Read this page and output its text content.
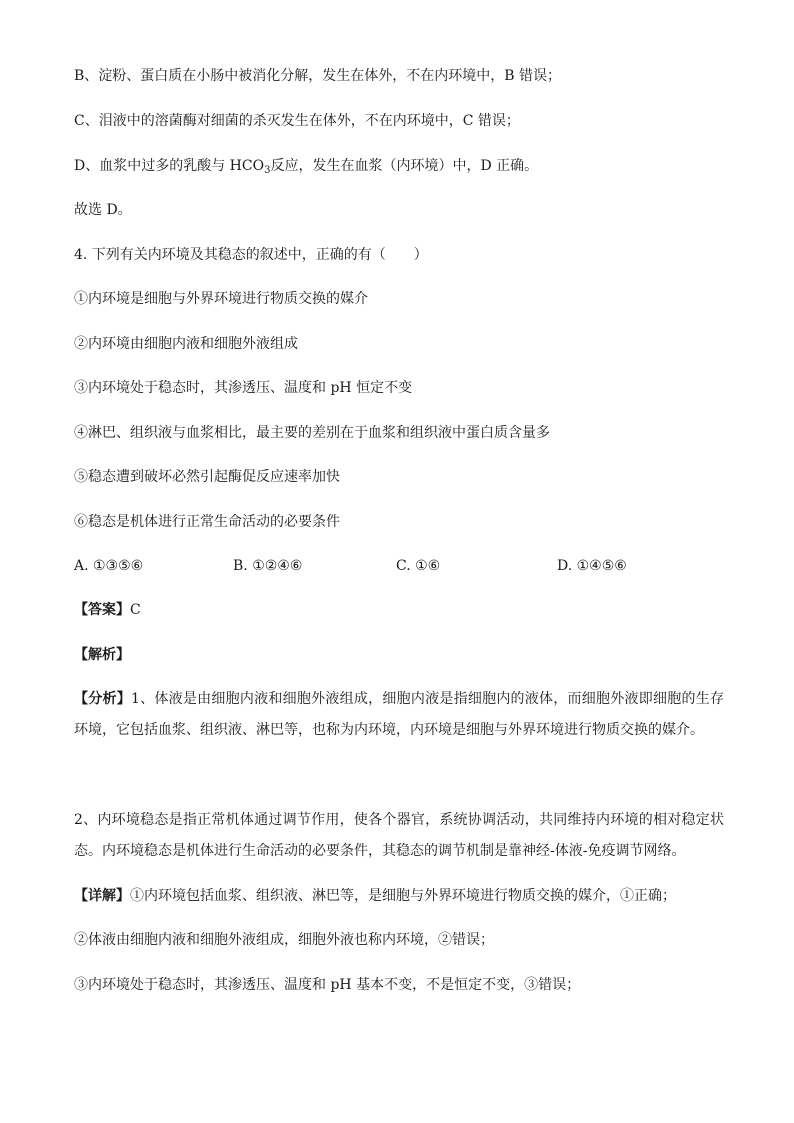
B、淀粉、蛋白质在小肠中被消化分解，发生在体外，不在内环境中，B 错误；
C、泪液中的溶菌酶对细菌的杀灭发生在体外，不在内环境中，C 错误；
D、血浆中过多的乳酸与 $HCO_3$反应，发生在血浆（内环境）中，D 正确。
故选 D。
4. 下列有关内环境及其稳态的叙述中，正确的有（　　）
①内环境是细胞与外界环境进行物质交换的媒介
②内环境由细胞内液和细胞外液组成
③内环境处于稳态时，其渗透压、温度和 pH 恒定不变
④淋巴、组织液与血浆相比，最主要的差别在于血浆和组织液中蛋白质含量多
⑤稳态遭到破坏必然引起酶促反应速率加快
⑥稳态是机体进行正常生命活动的必要条件
A. ①③⑤⑥	B. ①②④⑥	C. ①⑥	D. ①④⑤⑥
【答案】C
【解析】
【分析】1、体液是由细胞内液和细胞外液组成，细胞内液是指细胞内的液体，而细胞外液即细胞的生存环境，它包括血浆、组织液、淋巴等，也称为内环境，内环境是细胞与外界环境进行物质交换的媒介。
2、内环境稳态是指正常机体通过调节作用，使各个器官，系统协调活动，共同维持内环境的相对稳定状态。内环境稳态是机体进行生命活动的必要条件，其稳态的调节机制是靠神经-体液-免疫调节网络。
【详解】①内环境包括血浆、组织液、淋巴等，是细胞与外界环境进行物质交换的媒介，①正确；
②体液由细胞内液和细胞外液组成，细胞外液也称内环境，②错误；
③内环境处于稳态时，其渗透压、温度和 pH 基本不变，不是恒定不变，③错误；
